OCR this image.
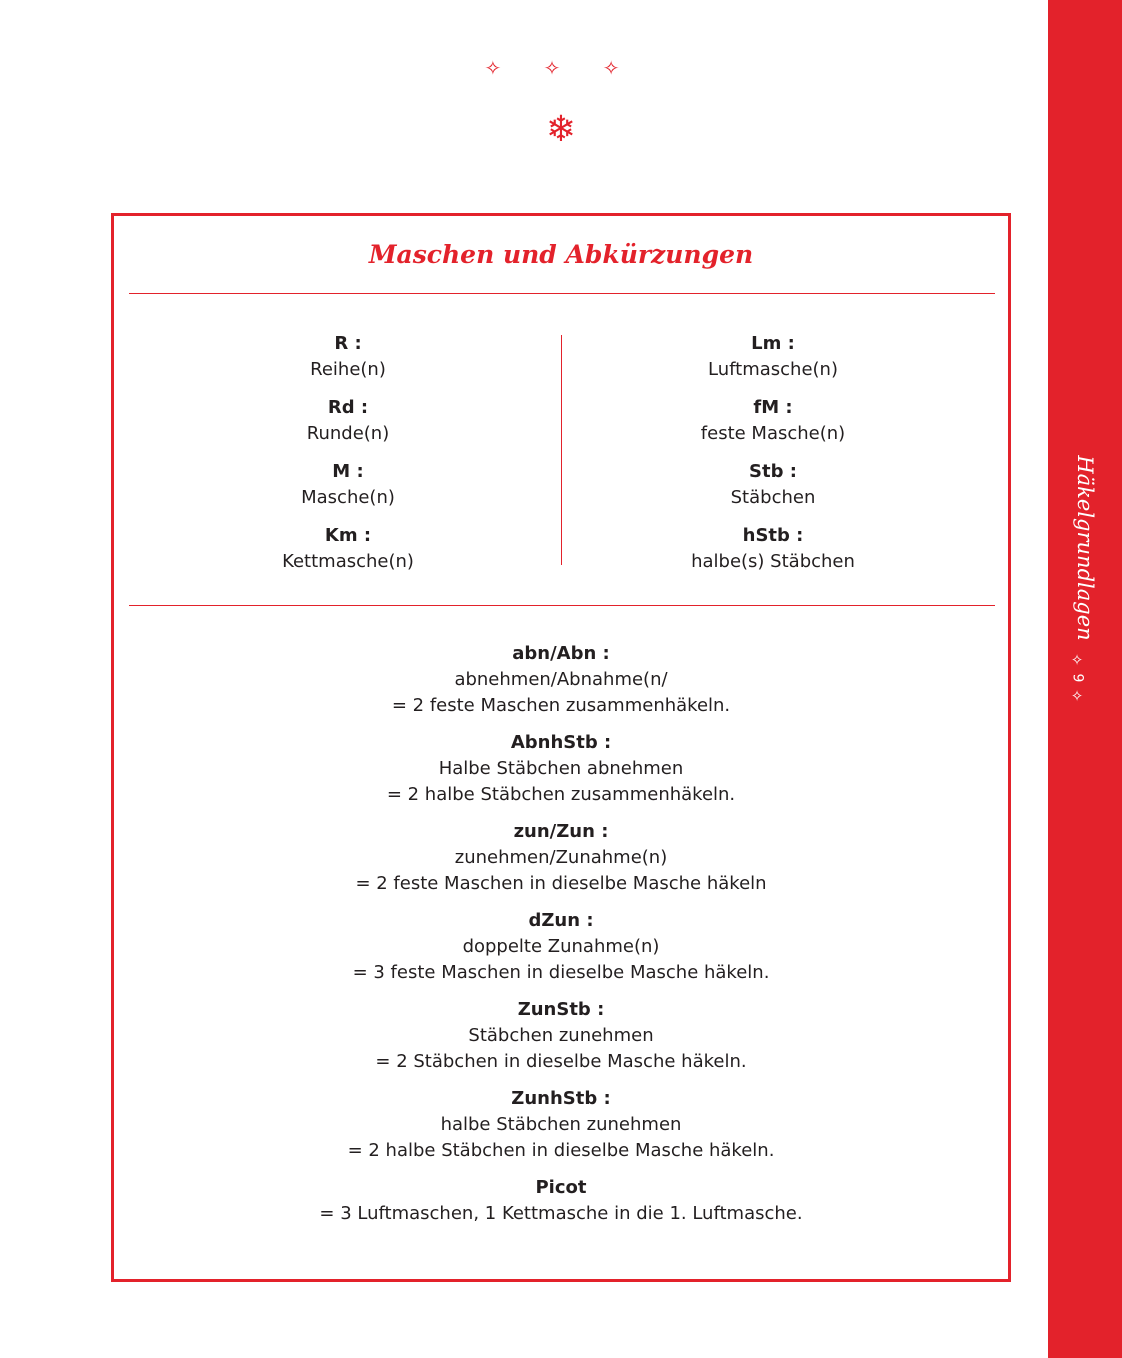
✧ ✧ ✧
❄
Häkelgrundlagen
✧
9
✧
Maschen und Abkürzungen
R :
Reihe(n)
Rd :
Runde(n)
M :
Masche(n)
Km :
Kettmasche(n)
Lm :
Luftmasche(n)
fM :
feste Masche(n)
Stb :
Stäbchen
hStb :
halbe(s) Stäbchen
abn/Abn :
abnehmen/Abnahme(n/
= 2 feste Maschen zusammenhäkeln.
AbnhStb :
Halbe Stäbchen abnehmen
= 2 halbe Stäbchen zusammenhäkeln.
zun/Zun :
zunehmen/Zunahme(n)
= 2 feste Maschen in dieselbe Masche häkeln
dZun :
doppelte Zunahme(n)
= 3 feste Maschen in dieselbe Masche häkeln.
ZunStb :
Stäbchen zunehmen
= 2 Stäbchen in dieselbe Masche häkeln.
ZunhStb :
halbe Stäbchen zunehmen
= 2 halbe Stäbchen in dieselbe Masche häkeln.
Picot
= 3 Luftmaschen, 1 Kettmasche in die 1. Luftmasche.
